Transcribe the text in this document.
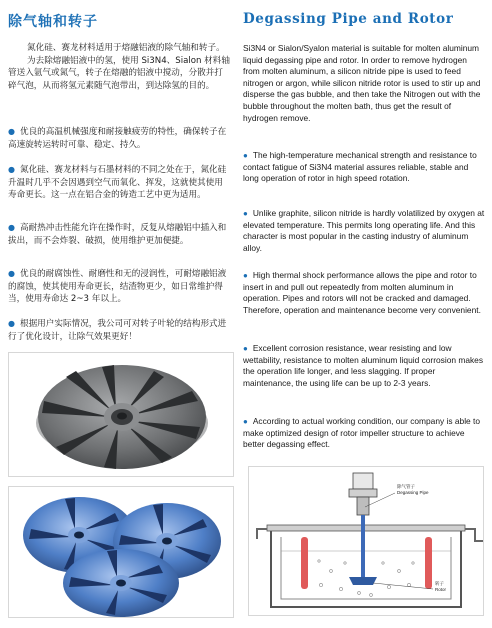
除气轴和转子	Degassing Pipe and Rotor
氮化硅、赛龙材料适用于熔融铝液的除气轴和转子。
为去除熔融铝液中的氢，使用 Si3N4、Sialon 材料轴管送入氩气或氮气，转子在熔融的铝液中搅动，分散并打碎气泡，从而将氢元素随气泡带出，到达除氢的目的。
● 优良的高温机械强度和耐接触疲劳的特性，确保转子在高速旋转运转时可靠、稳定、持久。
● 氮化硅、赛龙材料与石墨材料的不同之处在于，氮化硅升温时几乎不会因遇到空气而氧化、挥发，这就使其使用寿命更长。这一点在铝合金的铸造工艺中更为适用。
● 高耐热冲击性能允许在操作时，反复从熔融铝中插入和拔出，而不会炸裂、破损，使用维护更加便捷。
● 优良的耐腐蚀性、耐磨性和无的浸润性，可耐熔融铝液的腐蚀，使其使用寿命更长，结渣物更少，如日常维护得当，使用寿命达 2~3 年以上。
● 根据用户实际情况，我公司可对转子叶轮的结构形式进行了优化设计，让除气效果更好！
Si3N4 or Sialon/Syalon material is suitable for molten aluminum liquid degassing pipe and rotor. In order to remove hydrogen from molten aluminum, a silicon nitride pipe is used to feed nitrogen or argon, while silicon nitride rotor is used to stir up and disperse the gas bubble, and then take the Nitrogen out with the bubble throughout the molten bath, thus get the result of hydrogen remove.
● The high-temperature mechanical strength and resistance to contact fatigue of Si3N4 material assures reliable, stable and long operation of rotor in high speed rotation.
● Unlike graphite, silicon nitride is hardly volatilized by oxygen at elevated temperature. This permits long operating life. And this character is most popular in the casting industry of aluminum alloy.
● High thermal shock performance allows the pipe and rotor to insert in and pull out repeatedly from molten aluminum in operation. Pipes and rotors will not be cracked and damaged. Therefore, operation and maintenance become very convenient.
● Excellent corrosion resistance, wear resisting and low wettability, resistance to molten aluminum liquid corrosion makes the operation life longer, and less slagging. If proper maintenance, the using life can be up to 2-3 years.
● According to actual working condition, our company is able to make optimized design of rotor impeller structure to achieve better degassing effect.
除气管子
Degassing Pipe
转子
Rotor
